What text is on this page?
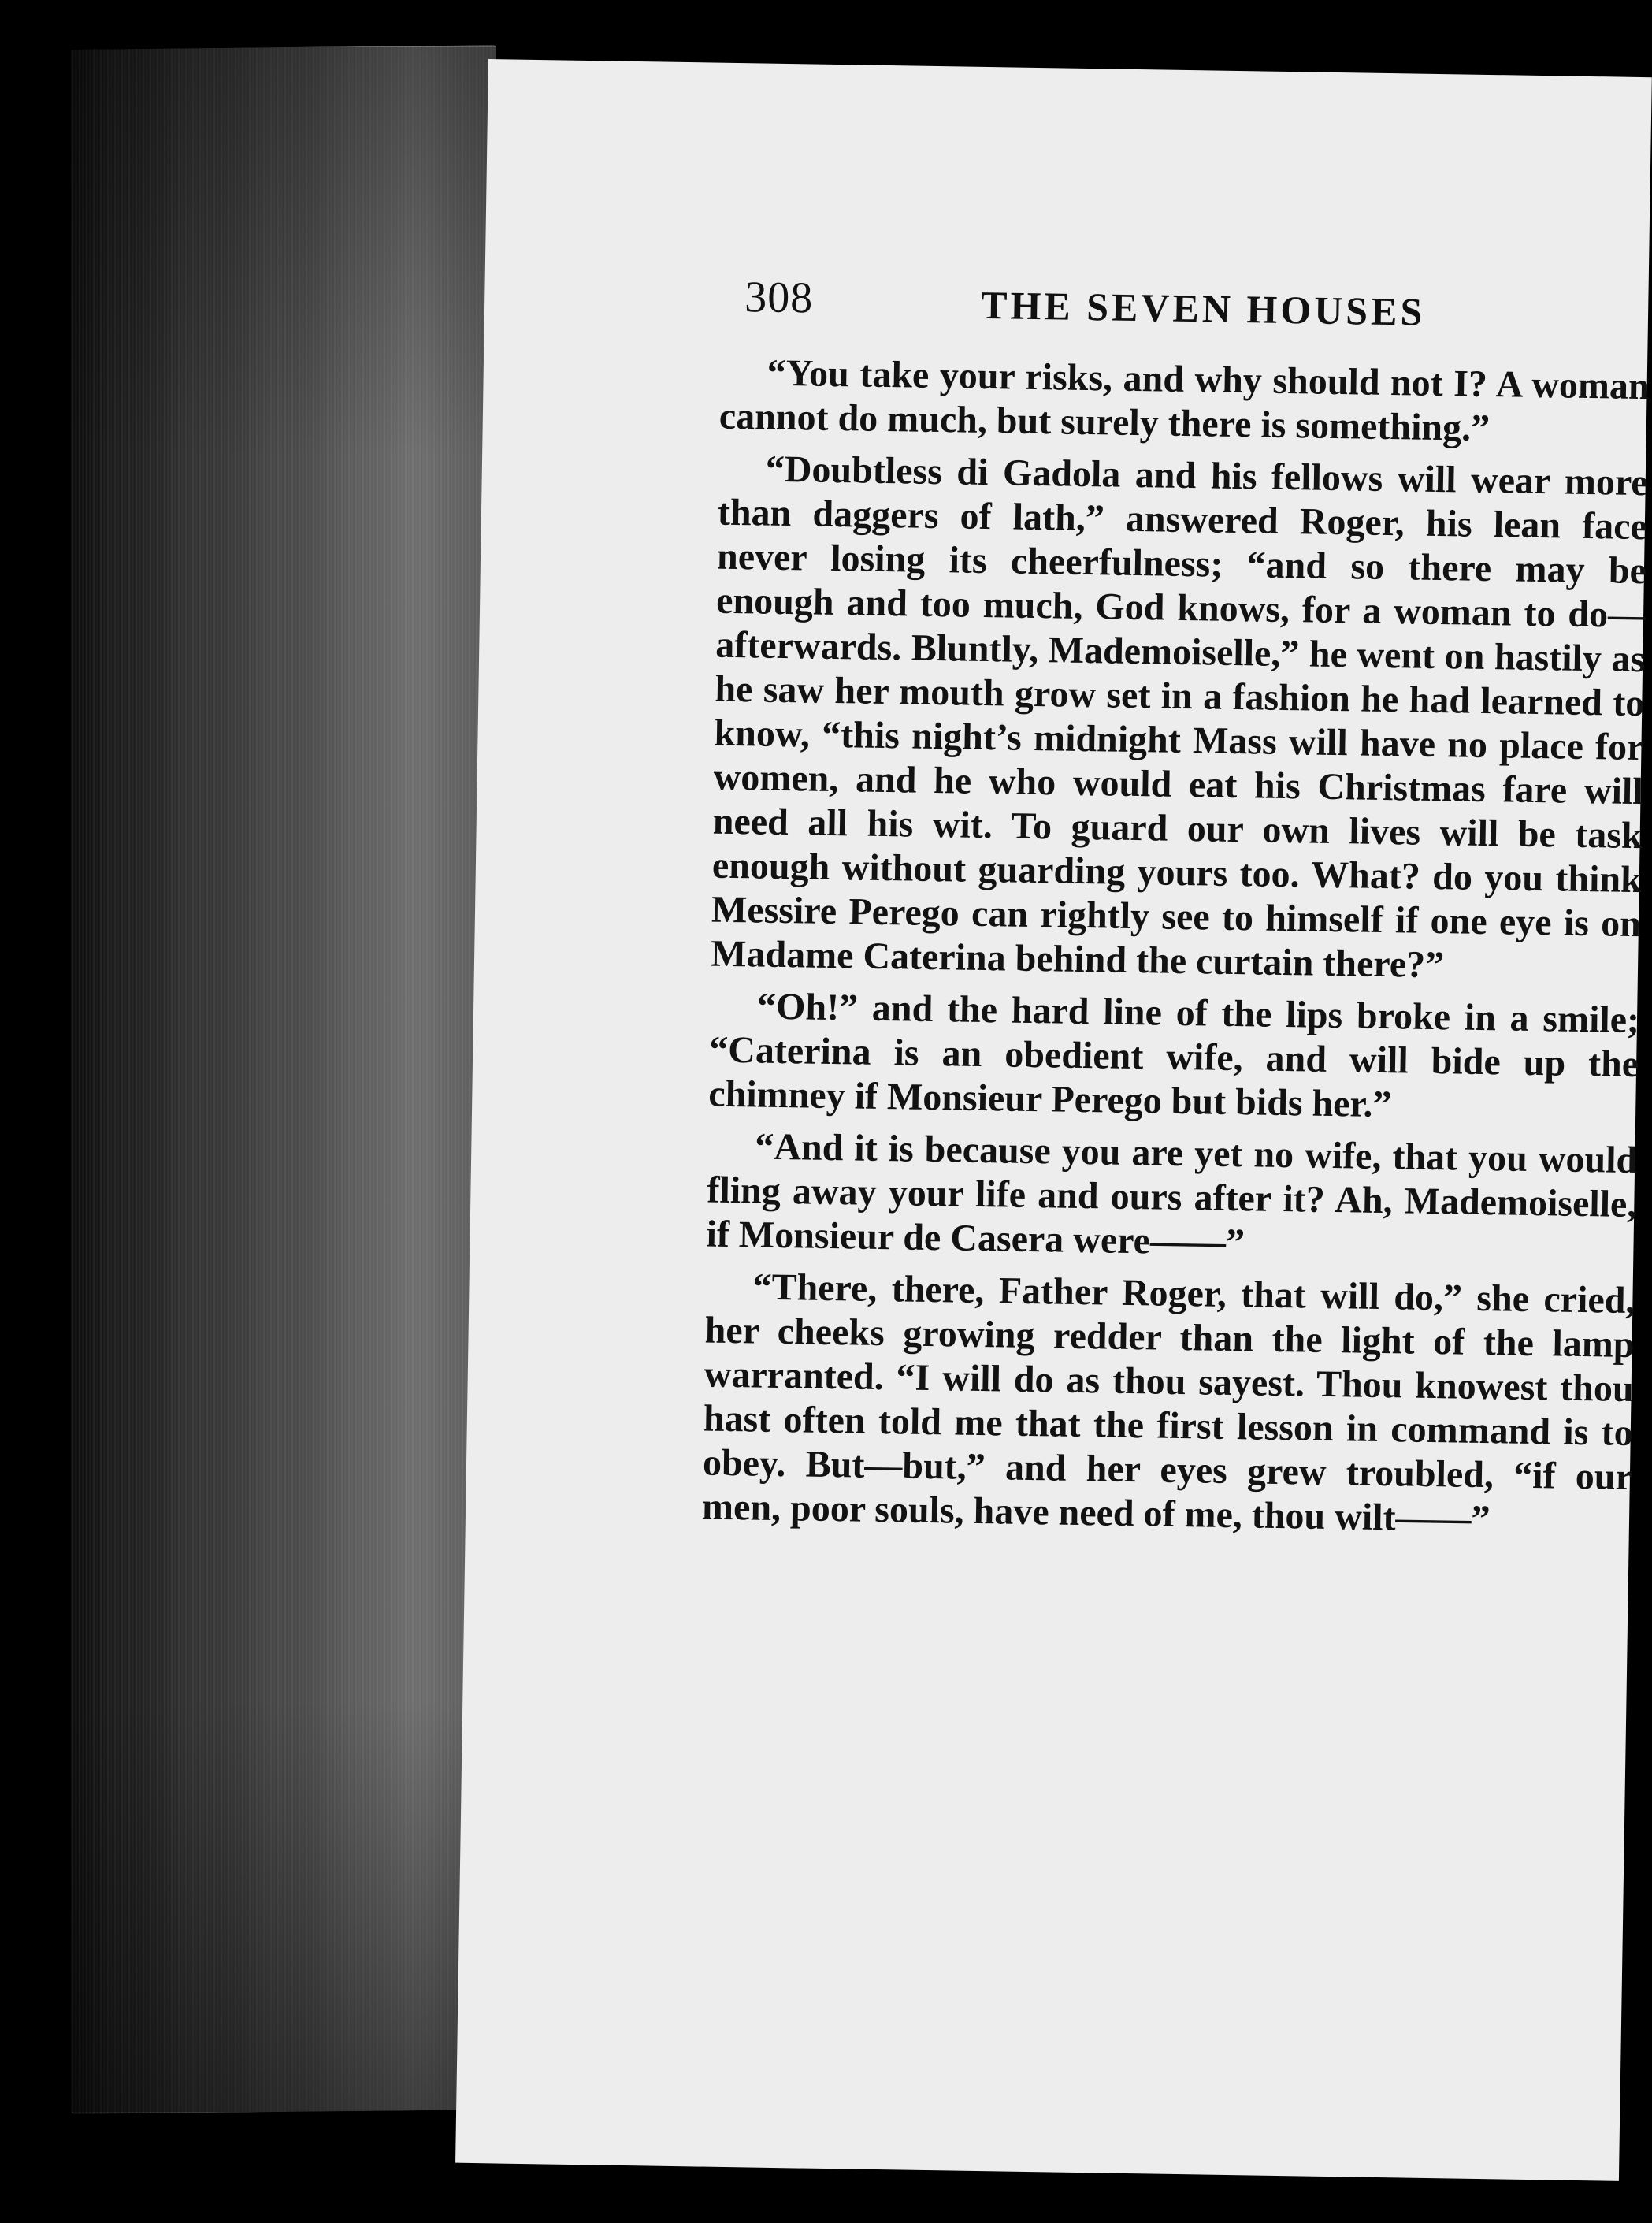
308	THE SEVEN HOUSES

“You take your risks, and why should not I? A woman cannot do much, but surely there is something.”

“Doubtless di Gadola and his fellows will wear more than daggers of lath,” answered Roger, his lean face never losing its cheerfulness; “and so there may be enough and too much, God knows, for a woman to do—afterwards. Bluntly, Mademoiselle,” he went on hastily as he saw her mouth grow set in a fashion he had learned to know, “this night’s midnight Mass will have no place for women, and he who would eat his Christmas fare will need all his wit. To guard our own lives will be task enough without guarding yours too. What? do you think Messire Perego can rightly see to himself if one eye is on Madame Caterina behind the curtain there?”

“Oh!” and the hard line of the lips broke in a smile; “Caterina is an obedient wife, and will bide up the chimney if Monsieur Perego but bids her.”

“And it is because you are yet no wife, that you would fling away your life and ours after it? Ah, Mademoiselle, if Monsieur de Casera were——”

“There, there, Father Roger, that will do,” she cried, her cheeks growing redder than the light of the lamp warranted. “I will do as thou sayest. Thou knowest thou hast often told me that the first lesson in command is to obey. But—but,” and her eyes grew troubled, “if our men, poor souls, have need of me, thou wilt——”
